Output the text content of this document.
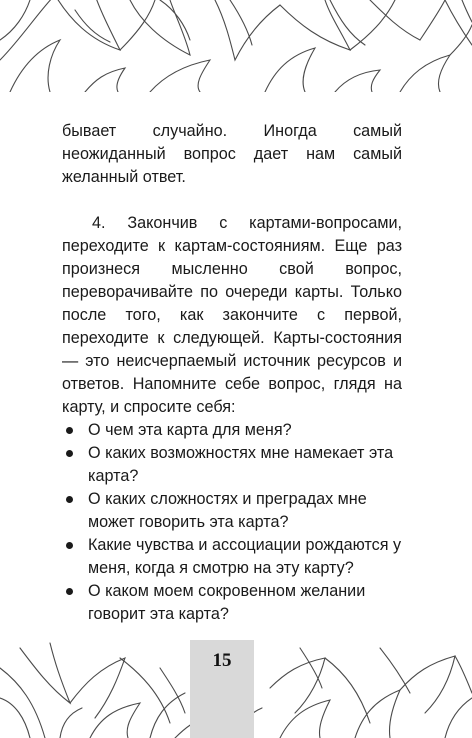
бывает случайно. Иногда самый неожиданный вопрос дает нам самый желанный ответ.

4. Закончив с картами-вопросами, переходите к картам-состояниям. Еще раз произнеся мысленно свой вопрос, переворачивайте по очереди карты. Только после того, как закончите с первой, переходите к следующей. Карты-состояния — это неисчерпаемый источник ресурсов и ответов. Напомните себе вопрос, глядя на карту, и спросите себя:

О чем эта карта для меня?
О каких возможностях мне намекает эта карта?
О каких сложностях и преградах мне может говорить эта карта?
Какие чувства и ассоциации рождаются у меня, когда я смотрю на эту карту?
О каком моем сокровенном желании говорит эта карта?
15
